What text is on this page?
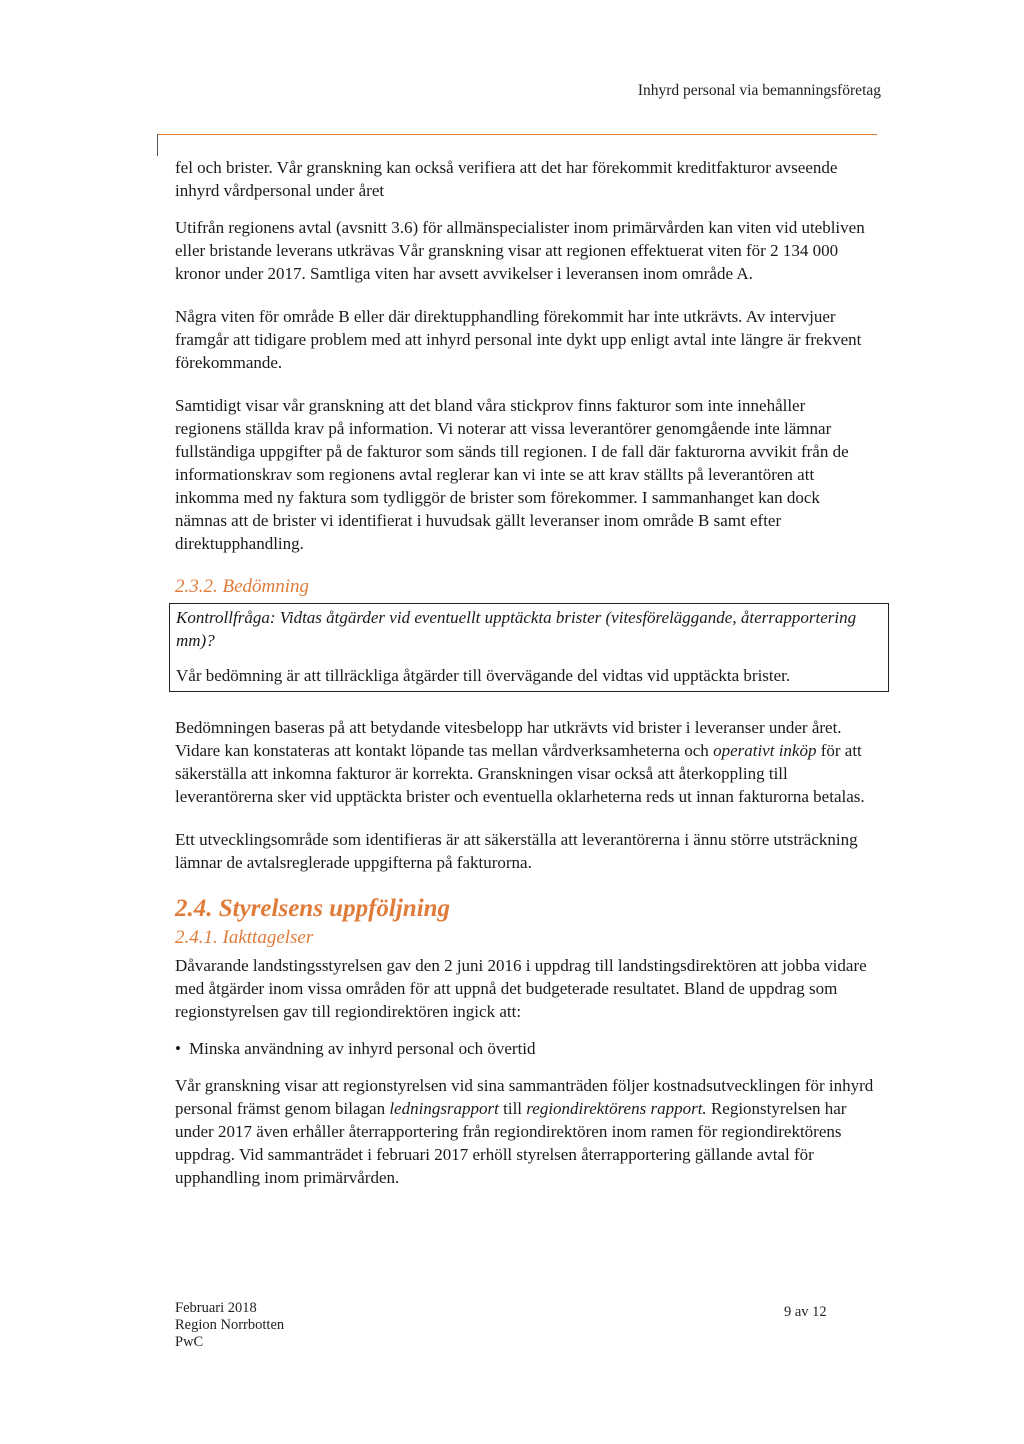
Inhyrd personal via bemanningsföretag

fel och brister. Vår granskning kan också verifiera att det har förekommit kreditfakturor avseende inhyrd vårdpersonal under året

Utifrån regionens avtal (avsnitt 3.6) för allmänspecialister inom primärvården kan viten vid utebliven eller bristande leverans utkrävas Vår granskning visar att regionen effektuerat viten för 2 134 000 kronor under 2017. Samtliga viten har avsett avvikelser i leveransen inom område A.

Några viten för område B eller där direktupphandling förekommit har inte utkrävts. Av intervjuer framgår att tidigare problem med att inhyrd personal inte dykt upp enligt avtal inte längre är frekvent förekommande.

Samtidigt visar vår granskning att det bland våra stickprov finns fakturor som inte innehåller regionens ställda krav på information. Vi noterar att vissa leverantörer genomgående inte lämnar fullständiga uppgifter på de fakturor som sänds till regionen. I de fall där fakturorna avvikit från de informationskrav som regionens avtal reglerar kan vi inte se att krav ställts på leverantören att inkomma med ny faktura som tydliggör de brister som förekommer. I sammanhanget kan dock nämnas att de brister vi identifierat i huvudsak gällt leveranser inom område B samt efter direktupphandling.

2.3.2. Bedömning

Kontrollfråga: Vidtas åtgärder vid eventuellt upptäckta brister (vitesföreläggande, återrapportering mm)?

Vår bedömning är att tillräckliga åtgärder till övervägande del vidtas vid upptäckta brister.

Bedömningen baseras på att betydande vitesbelopp har utkrävts vid brister i leveranser under året. Vidare kan konstateras att kontakt löpande tas mellan vårdverksamheterna och operativt inköp för att säkerställa att inkomna fakturor är korrekta. Granskningen visar också att återkoppling till leverantörerna sker vid upptäckta brister och eventuella oklarheterna reds ut innan fakturorna betalas.

Ett utvecklingsområde som identifieras är att säkerställa att leverantörerna i ännu större utsträckning lämnar de avtalsreglerade uppgifterna på fakturorna.

2.4. Styrelsens uppföljning
2.4.1. Iakttagelser

Dåvarande landstingsstyrelsen gav den 2 juni 2016 i uppdrag till landstingsdirektören att jobba vidare med åtgärder inom vissa områden för att uppnå det budgeterade resultatet. Bland de uppdrag som regionstyrelsen gav till regiondirektören ingick att:

• Minska användning av inhyrd personal och övertid

Vår granskning visar att regionstyrelsen vid sina sammanträden följer kostnadsutvecklingen för inhyrd personal främst genom bilagan ledningsrapport till regiondirektörens rapport. Regionstyrelsen har under 2017 även erhåller återrapportering från regiondirektören inom ramen för regiondirektörens uppdrag. Vid sammanträdet i februari 2017 erhöll styrelsen återrapportering gällande avtal för upphandling inom primärvården.

Februari 2018
Region Norrbotten
PwC
9 av 12
